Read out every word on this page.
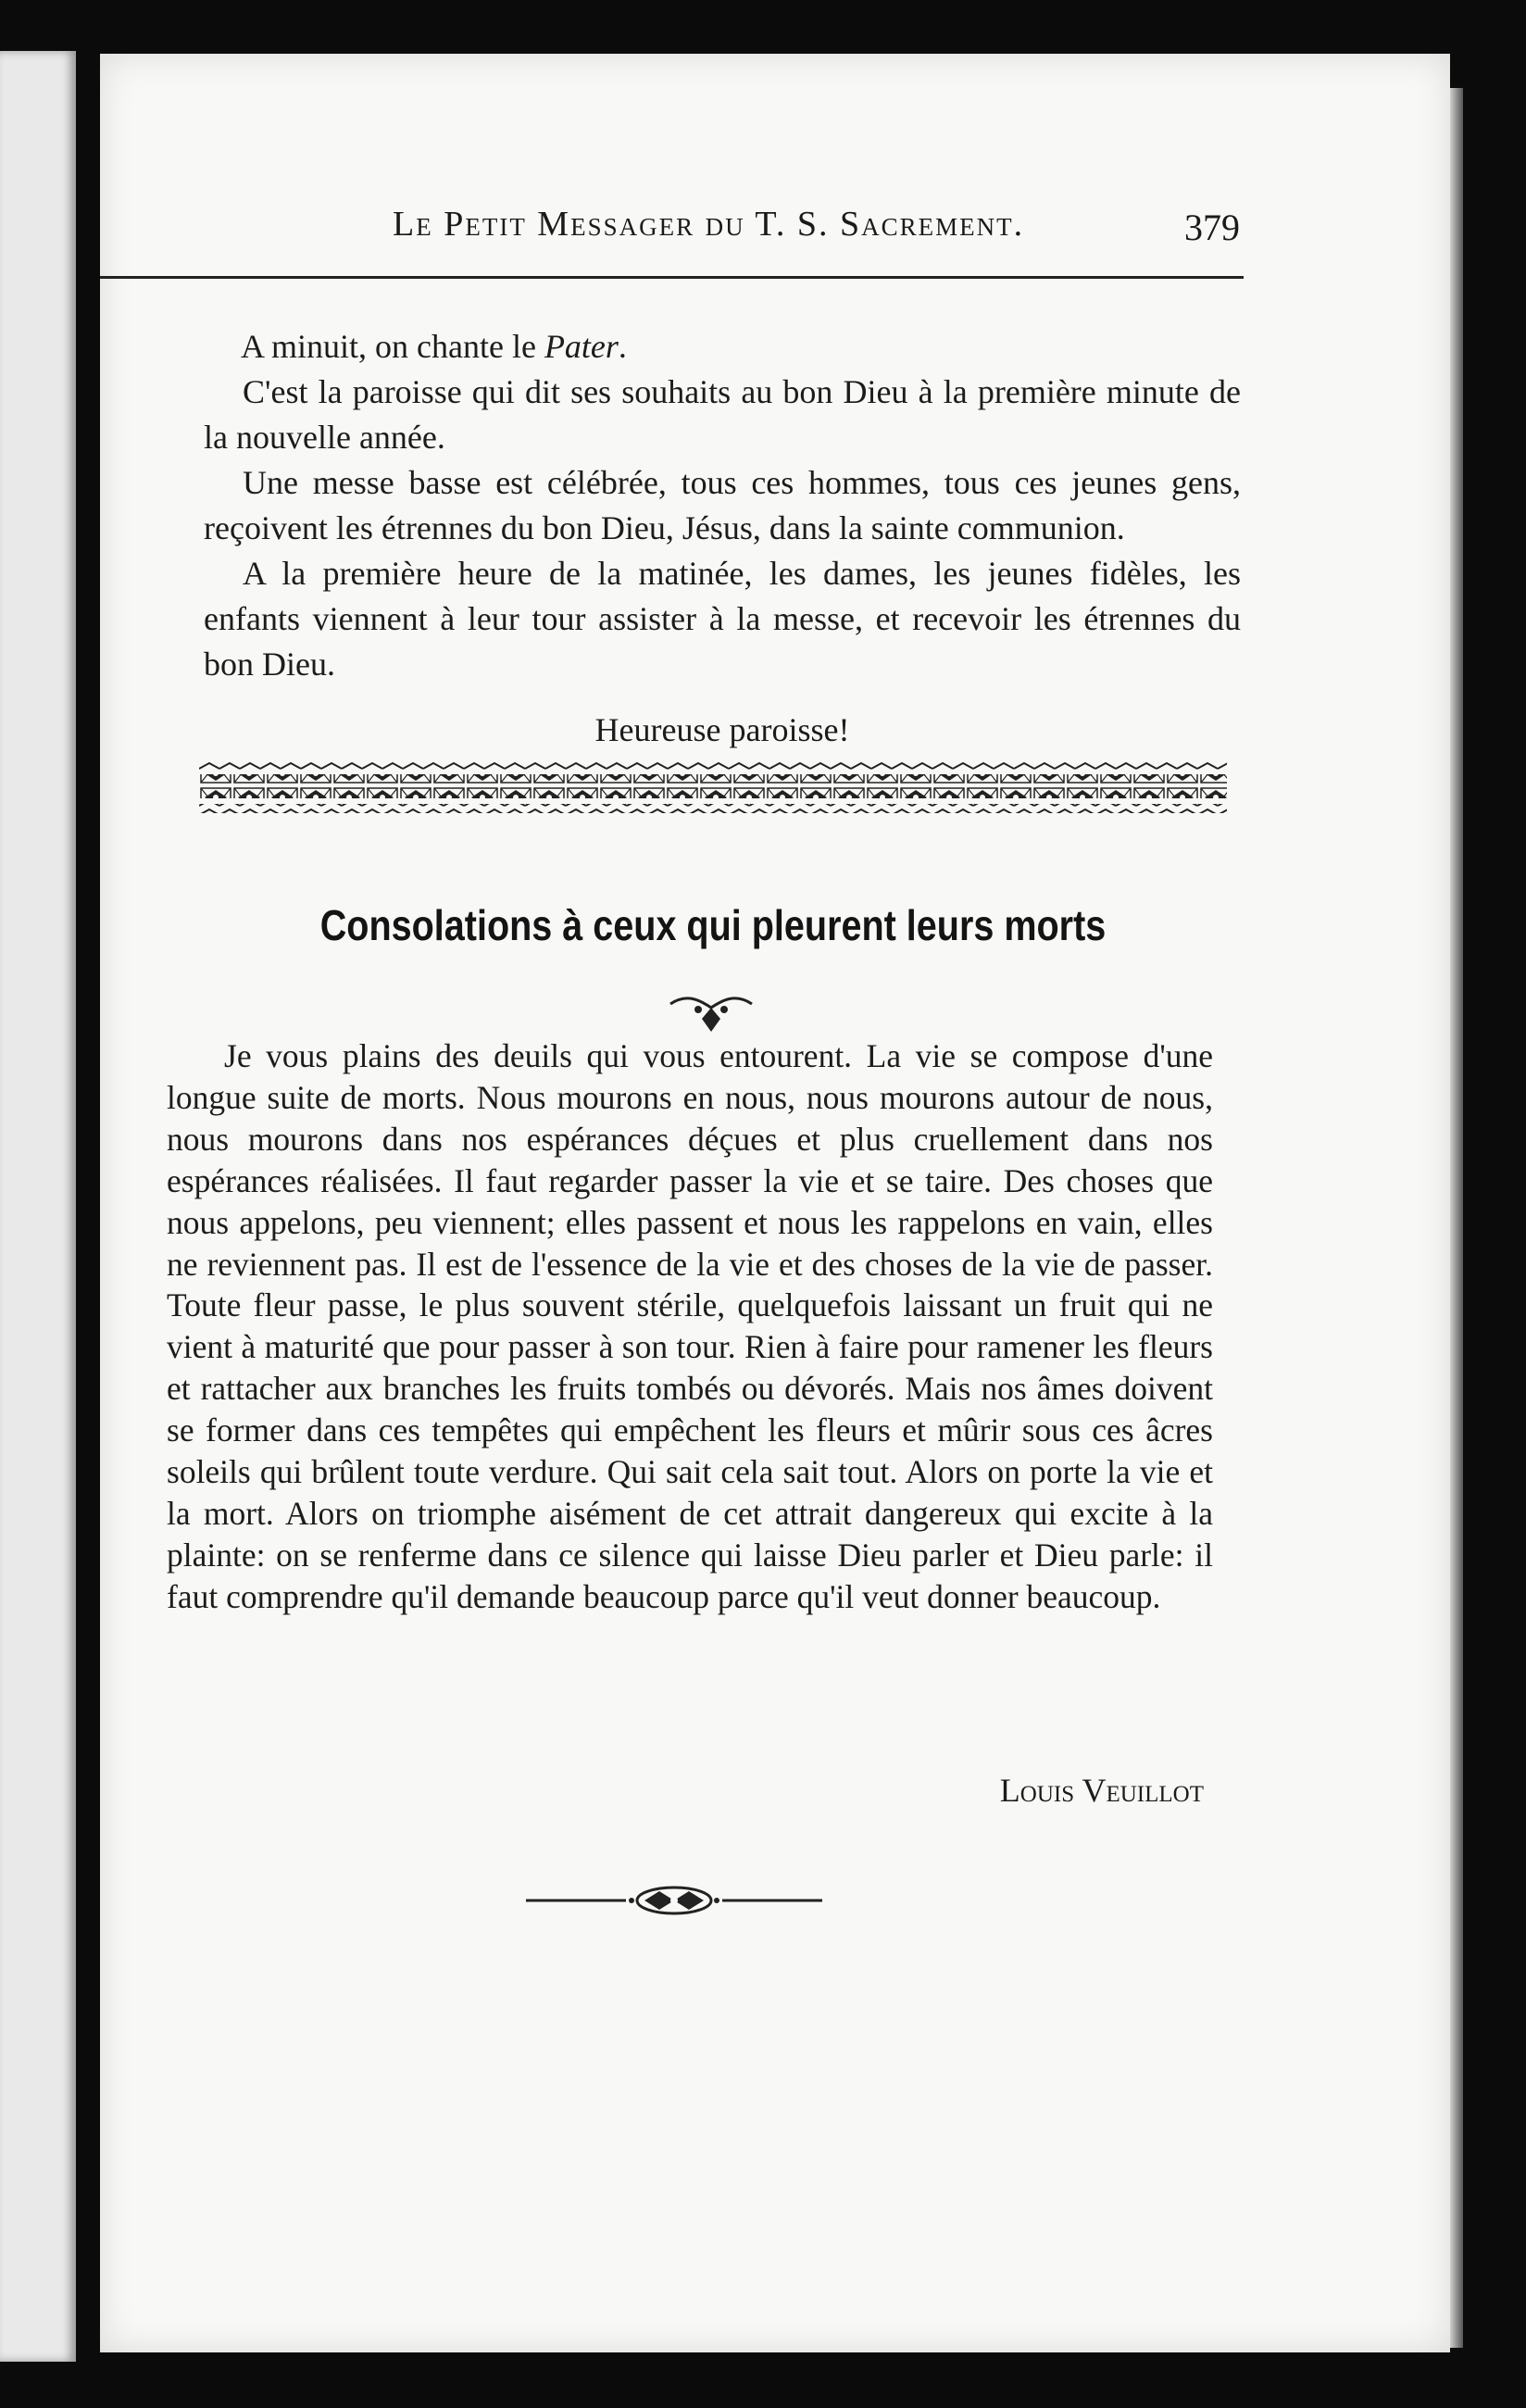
Le Petit Messager du T. S. Sacrement.	379

A minuit, on chante le Pater.

C'est la paroisse qui dit ses souhaits au bon Dieu à la première minute de la nouvelle année.

Une messe basse est célébrée, tous ces hommes, tous ces jeunes gens, reçoivent les étrennes du bon Dieu, Jésus, dans la sainte communion.

A la première heure de la matinée, les dames, les jeunes fidèles, les enfants viennent à leur tour assister à la messe, et recevoir les étrennes du bon Dieu.

Heureuse paroisse!

Consolations à ceux qui pleurent leurs morts

Je vous plains des deuils qui vous entourent. La vie se compose d'une longue suite de morts. Nous mourons en nous, nous mourons autour de nous, nous mourons dans nos espérances déçues et plus cruellement dans nos espérances réalisées. Il faut regarder passer la vie et se taire. Des choses que nous appelons, peu viennent; elles passent et nous les rappelons en vain, elles ne reviennent pas. Il est de l'essence de la vie et des choses de la vie de passer. Toute fleur passe, le plus souvent stérile, quelquefois laissant un fruit qui ne vient à maturité que pour passer à son tour. Rien à faire pour ramener les fleurs et rattacher aux branches les fruits tombés ou dévorés. Mais nos âmes doivent se former dans ces tempêtes qui empêchent les fleurs et mûrir sous ces âcres soleils qui brûlent toute verdure. Qui sait cela sait tout. Alors on porte la vie et la mort. Alors on triomphe aisément de cet attrait dangereux qui excite à la plainte: on se renferme dans ce silence qui laisse Dieu parler et Dieu parle: il faut comprendre qu'il demande beaucoup parce qu'il veut donner beaucoup.

Louis Veuillot
